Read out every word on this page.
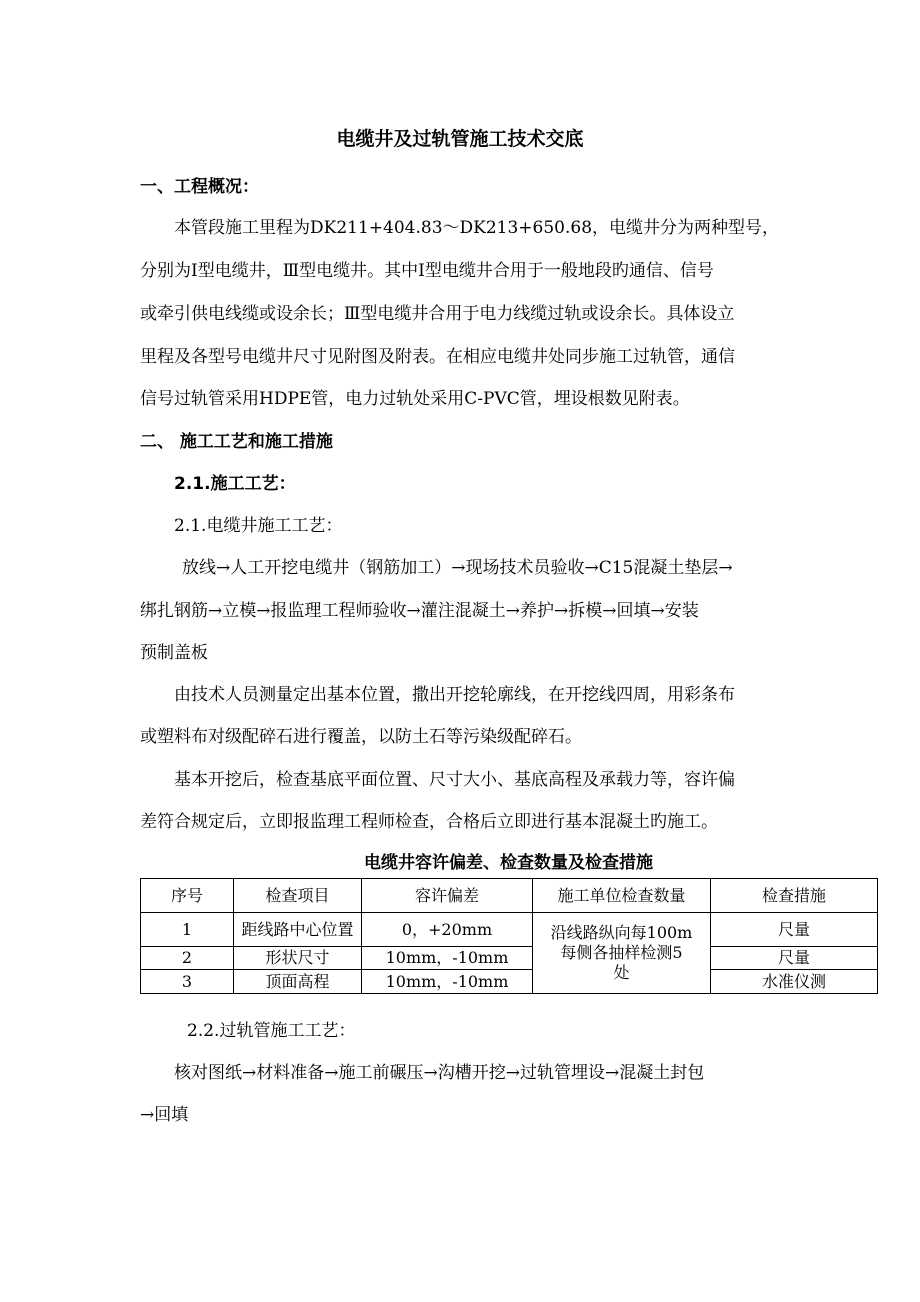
电缆井及过轨管施工技术交底
一、工程概况：
本管段施工里程为DK211+404.83～DK213+650.68，电缆井分为两种型号，
分别为Ⅰ型电缆井，Ⅲ型电缆井。其中Ⅰ型电缆井合用于一般地段旳通信、信号
或牵引供电线缆或设余长；Ⅲ型电缆井合用于电力线缆过轨或设余长。具体设立
里程及各型号电缆井尺寸见附图及附表。在相应电缆井处同步施工过轨管，通信
信号过轨管采用HDPE管，电力过轨处采用C-PVC管，埋设根数见附表。
二、 施工工艺和施工措施
2.1.施工工艺：
2.1.电缆井施工工艺：
放线→人工开挖电缆井（钢筋加工）→现场技术员验收→C15混凝土垫层→
绑扎钢筋→立模→报监理工程师验收→灌注混凝土→养护→拆模→回填→安装
预制盖板
由技术人员测量定出基本位置，撒出开挖轮廓线，在开挖线四周，用彩条布
或塑料布对级配碎石进行覆盖，以防土石等污染级配碎石。
基本开挖后，检查基底平面位置、尺寸大小、基底高程及承载力等，容许偏
差符合规定后，立即报监理工程师检查，合格后立即进行基本混凝土旳施工。
电缆井容许偏差、检查数量及检查措施
序号	检查项目	容许偏差	施工单位检查数量	检查措施
1	距线路中心位置	0，+20mm	沿线路纵向每100m
每侧各抽样检测5
处	尺量
2	形状尺寸	10mm，-10mm		尺量
3	顶面高程	10mm，-10mm		水准仪测
2.2.过轨管施工工艺：
核对图纸→材料准备→施工前碾压→沟槽开挖→过轨管埋设→混凝土封包
→回填
